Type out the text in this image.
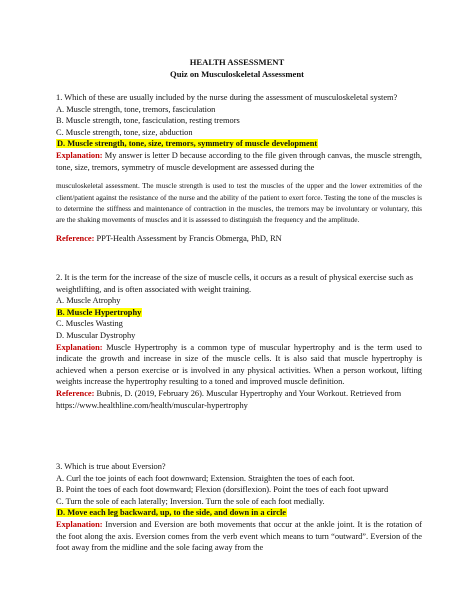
HEALTH ASSESSMENT
Quiz on Musculoskeletal Assessment

1. Which of these are usually included by the nurse during the assessment of musculoskeletal system?

A. Muscle strength, tone, tremors, fasciculation

B. Muscle strength, tone, fasciculation, resting tremors

C. Muscle strength, tone, size, abduction

D. Muscle strength, tone, size, tremors, symmetry of muscle development

Explanation: My answer is letter D because according to the file given through canvas, the muscle strength, tone, size, tremors, symmetry of muscle development are assessed during the

musculoskeletal assessment. The muscle strength is used to test the muscles of the upper and the lower extremities of the client/patient against the resistance of the nurse and the ability of the patient to exert force. Testing the tone of the muscles is to determine the stiffness and maintenance of contraction in the muscles, the tremors may be involuntary or voluntary, this are the shaking movements of muscles and it is assessed to distinguish the frequency and the amplitude.

Reference: PPT-Health Assessment by Francis Obmerga, PhD, RN

2. It is the term for the increase of the size of muscle cells, it occurs as a result of physical exercise such as weightlifting, and is often associated with weight training.

A. Muscle Atrophy

B. Muscle Hypertrophy

C. Muscles Wasting

D. Muscular Dystrophy

Explanation: Muscle Hypertrophy is a common type of muscular hypertrophy and is the term used to indicate the growth and increase in size of the muscle cells. It is also said that muscle hypertrophy is achieved when a person exercise or is involved in any physical activities. When a person workout, lifting weights increase the hypertrophy resulting to a toned and improved muscle definition.

Reference: Bubnis, D. (2019, February 26). Muscular Hypertrophy and Your Workout. Retrieved from https://www.healthline.com/health/muscular-hypertrophy

3. Which is true about Eversion?

A. Curl the toe joints of each foot downward; Extension. Straighten the toes of each foot.

B. Point the toes of each foot downward; Flexion (dorsiflexion). Point the toes of each foot upward

C. Turn the sole of each laterally; Inversion. Turn the sole of each foot medially.

D. Move each leg backward, up, to the side, and down in a circle

Explanation: Inversion and Eversion are both movements that occur at the ankle joint. It is the rotation of the foot along the axis. Eversion comes from the verb event which means to turn “outward”. Eversion of the foot away from the midline and the sole facing away from the
